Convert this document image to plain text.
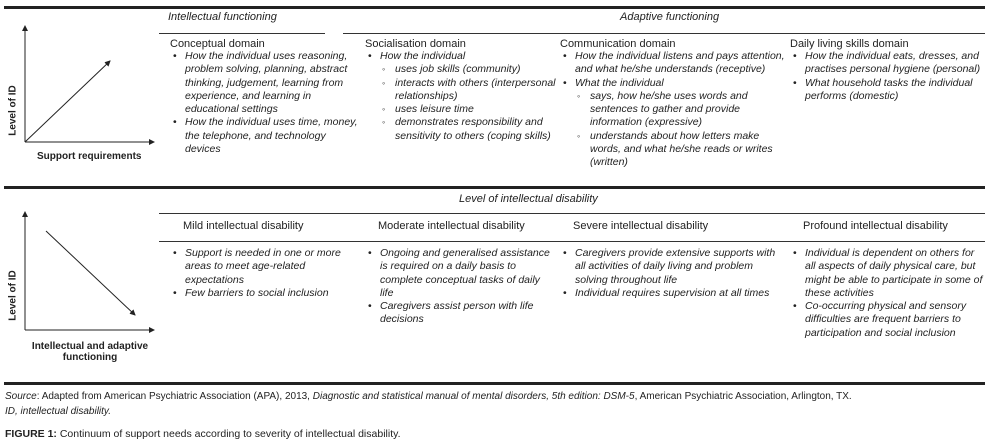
Level of ID
Support requirements
Intellectual functioning	Adaptive functioning
Conceptual domain
• How the individual uses reasoning, problem solving, planning, abstract thinking, judgement, learning from experience, and learning in educational settings
• How the individual uses time, money, the telephone, and technology devices
Socialisation domain
• How the individual
◦ uses job skills (community)
◦ interacts with others (interpersonal relationships)
◦ uses leisure time
◦ demonstrates responsibility and sensitivity to others (coping skills)
Communication domain
• How the individual listens and pays attention, and what he/she understands (receptive)
• What the individual
◦ says, how he/she uses words and sentences to gather and provide information (expressive)
◦ understands about how letters make words, and what he/she reads or writes (written)
Daily living skills domain
• How the individual eats, dresses, and practises personal hygiene (personal)
• What household tasks the individual performs (domestic)
Level of ID
Intellectual and adaptive functioning
Level of intellectual disability
Mild intellectual disability
• Support is needed in one or more areas to meet age-related expectations
• Few barriers to social inclusion
Moderate intellectual disability
• Ongoing and generalised assistance is required on a daily basis to complete conceptual tasks of daily life
• Caregivers assist person with life decisions
Severe intellectual disability
• Caregivers provide extensive supports with all activities of daily living and problem solving throughout life
• Individual requires supervision at all times
Profound intellectual disability
• Individual is dependent on others for all aspects of daily physical care, but might be able to participate in some of these activities
• Co-occurring physical and sensory difficulties are frequent barriers to participation and social inclusion
Source: Adapted from American Psychiatric Association (APA), 2013, Diagnostic and statistical manual of mental disorders, 5th edition: DSM-5, American Psychiatric Association, Arlington, TX.
ID, intellectual disability.
FIGURE 1: Continuum of support needs according to severity of intellectual disability.
